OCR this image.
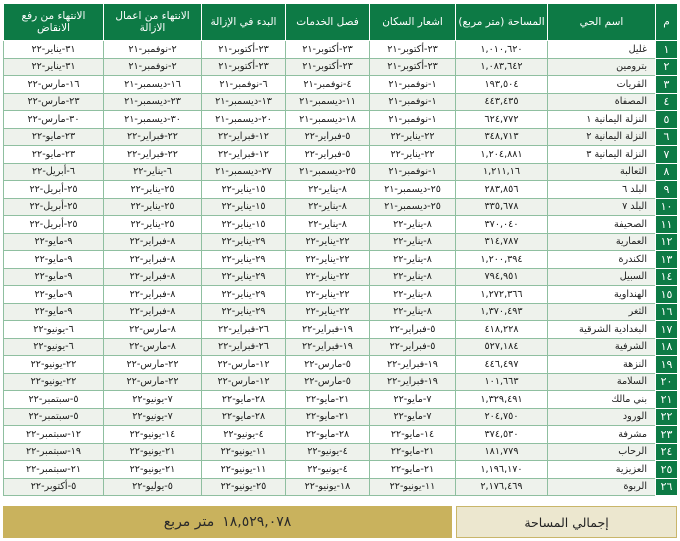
م	اسم الحي	المساحة (متر مربع)	اشعار السكان	فصل الخدمات	البدء في الإزالة	الانتهاء من اعمال الازالة	الانتهاء من رفع الانقاض
١	غليل	١,٠١٠,٦٢٠	٢٣-أكتوبر-٢١	٢٣-أكتوبر-٢١	٢٣-أكتوبر-٢١	٢-نوفمبر-٢١	٣١-يناير-٢٢
٢	بترومين	١,٠٨٣,٦٤٢	٢٣-أكتوبر-٢١	٢٣-أكتوبر-٢١	٢٣-أكتوبر-٢١	٢-نوفمبر-٢١	٣١-يناير-٢٢
٣	القريات	١٩٣,٥٠٤	١-نوفمبر-٢١	٤-نوفمبر-٢١	٦-نوفمبر-٢١	١٦-ديسمبر-٢١	١٦-مارس-٢٢
٤	المصفاة	٤٤٣,٤٣٥	١-نوفمبر-٢١	١١-ديسمبر-٢١	١٣-ديسمبر-٢١	٢٣-ديسمبر-٢١	٢٣-مارس-٢٢
٥	النزلة اليمانية ١	٦٢٤,٧٧٢	١-نوفمبر-٢١	١٨-ديسمبر-٢١	٢٠-ديسمبر-٢١	٣٠-ديسمبر-٢١	٣٠-مارس-٢٢
٦	النزلة اليمانية ٢	٣٤٨,٧١٣	٢٢-يناير-٢٢	٥-فبراير-٢٢	١٢-فبراير-٢٢	٢٢-فبراير-٢٢	٢٣-مايو-٢٢
٧	النزلة اليمانية ٣	١,٢٠٤,٨٨١	٢٢-يناير-٢٢	٥-فبراير-٢٢	١٢-فبراير-٢٢	٢٢-فبراير-٢٢	٢٣-مايو-٢٢
٨	الثعالبة	١,٢١١,١٦	١-نوفمبر-٢١	٢٥-ديسمبر-٢١	٢٧-ديسمبر-٢١	٦-يناير-٢٢	٦-أبريل-٢٢
٩	البلد ٦	٢٨٣,٨٥٦	٢٥-ديسمبر-٢١	٨-يناير-٢٢	١٥-يناير-٢٢	٢٥-يناير-٢٢	٢٥-أبريل-٢٢
١٠	البلد ٧	٣٣٥,٦٧٨	٢٥-ديسمبر-٢١	٨-يناير-٢٢	١٥-يناير-٢٢	٢٥-يناير-٢٢	٢٥-أبريل-٢٢
١١	الصحيفة	٣٧٠,٠٤٠	٨-يناير-٢٢	٨-يناير-٢٢	١٥-يناير-٢٢	٢٥-يناير-٢٢	٢٥-أبريل-٢٢
١٢	العمارية	٣١٤,٧٨٧	٨-يناير-٢٢	٢٢-يناير-٢٢	٢٩-يناير-٢٢	٨-فبراير-٢٢	٩-مايو-٢٢
١٣	الكندرة	١,٢٠٠,٣٩٤	٨-يناير-٢٢	٢٢-يناير-٢٢	٢٩-يناير-٢٢	٨-فبراير-٢٢	٩-مايو-٢٢
١٤	السبيل	٧٩٤,٩٥١	٨-يناير-٢٢	٢٢-يناير-٢٢	٢٩-يناير-٢٢	٨-فبراير-٢٢	٩-مايو-٢٢
١٥	الهنداوية	١,٢٧٢,٣٦٦	٨-يناير-٢٢	٢٢-يناير-٢٢	٢٩-يناير-٢٢	٨-فبراير-٢٢	٩-مايو-٢٢
١٦	الثغر	١,٣٧٠,٤٩٣	٨-يناير-٢٢	٢٢-يناير-٢٢	٢٩-يناير-٢٢	٨-فبراير-٢٢	٩-مايو-٢٢
١٧	البغدادية الشرقية	٤١٨,٢٢٨	٥-فبراير-٢٢	١٩-فبراير-٢٢	٢٦-فبراير-٢٢	٨-مارس-٢٢	٦-يونيو-٢٢
١٨	الشرفية	٥٢٧,١٨٤	٥-فبراير-٢٢	١٩-فبراير-٢٢	٢٦-فبراير-٢٢	٨-مارس-٢٢	٦-يونيو-٢٢
١٩	النزهة	٤٤٦,٤٩٧	١٩-فبراير-٢٢	٥-مارس-٢٢	١٢-مارس-٢٢	٢٢-مارس-٢٢	٢٢-يونيو-٢٢
٢٠	السلامة	١٠١,٦٦٣	١٩-فبراير-٢٢	٥-مارس-٢٢	١٢-مارس-٢٢	٢٢-مارس-٢٢	٢٢-يونيو-٢٢
٢١	بني مالك	١,٣٢٩,٤٩١	٧-مايو-٢٢	٢١-مايو-٢٢	٢٨-مايو-٢٢	٧-يونيو-٢٢	٥-سبتمبر-٢٢
٢٢	الورود	٢٠٤,٧٥٠	٧-مايو-٢٢	٢١-مايو-٢٢	٢٨-مايو-٢٢	٧-يونيو-٢٢	٥-سبتمبر-٢٢
٢٣	مشرفة	٣٧٤,٥٣٠	١٤-مايو-٢٢	٢٨-مايو-٢٢	٤-يونيو-٢٢	١٤-يونيو-٢٢	١٢-سبتمبر-٢٢
٢٤	الرحاب	١٨١,٧٧٩	٢١-مايو-٢٢	٤-يونيو-٢٢	١١-يونيو-٢٢	٢١-يونيو-٢٢	١٩-سبتمبر-٢٢
٢٥	العزيزية	١,١٩٦,١٧٠	٢١-مايو-٢٢	٤-يونيو-٢٢	١١-يونيو-٢٢	٢١-يونيو-٢٢	٢١-سبتمبر-٢٢
٢٦	الربوة	٢,١٧٦,٤٦٩	١١-يونيو-٢٢	١٨-يونيو-٢٢	٢٥-يونيو-٢٢	٥-يوليو-٢٢	٥-أكتوبر-٢٢
إجمالي المساحة
١٨,٥٢٩,٠٧٨
متر مربع
